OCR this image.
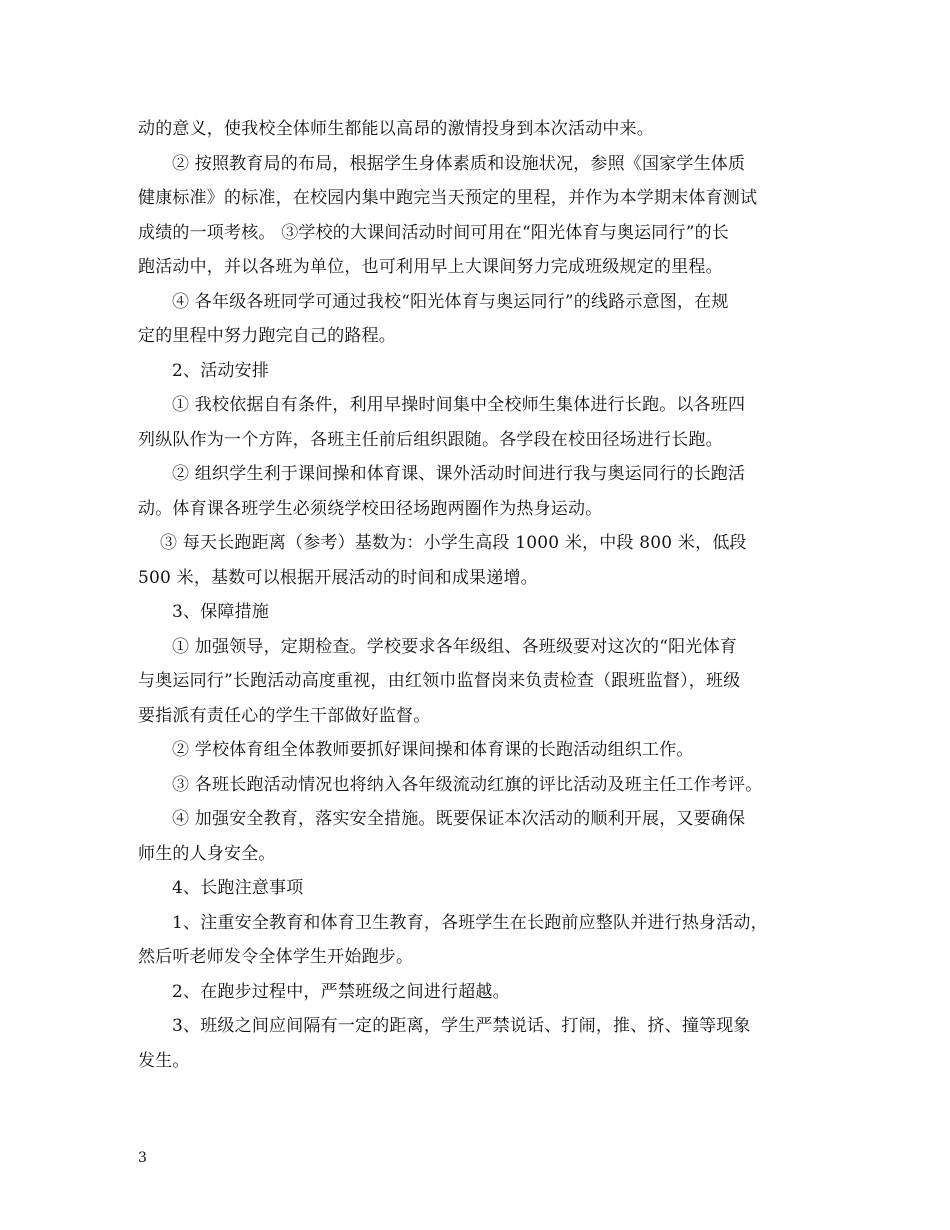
动的意义，使我校全体师生都能以高昂的激情投身到本次活动中来。
② 按照教育局的布局，根据学生身体素质和设施状况，参照《国家学生体质
健康标准》的标准，在校园内集中跑完当天预定的里程，并作为本学期末体育测试
成绩的一项考核。 ③学校的大课间活动时间可用在“阳光体育与奥运同行”的长
跑活动中，并以各班为单位，也可利用早上大课间努力完成班级规定的里程。
④ 各年级各班同学可通过我校“阳光体育与奥运同行”的线路示意图，在规
定的里程中努力跑完自己的路程。
2、活动安排
① 我校依据自有条件，利用早操时间集中全校师生集体进行长跑。以各班四
列纵队作为一个方阵，各班主任前后组织跟随。各学段在校田径场进行长跑。
② 组织学生利于课间操和体育课、课外活动时间进行我与奥运同行的长跑活
动。体育课各班学生必须绕学校田径场跑两圈作为热身运动。
③ 每天长跑距离（参考）基数为：小学生高段 1000 米，中段 800 米，低段
500 米，基数可以根据开展活动的时间和成果递增。
3、保障措施
① 加强领导，定期检查。学校要求各年级组、各班级要对这次的“阳光体育
与奥运同行”长跑活动高度重视，由红领巾监督岗来负责检查（跟班监督），班级
要指派有责任心的学生干部做好监督。
② 学校体育组全体教师要抓好课间操和体育课的长跑活动组织工作。
③ 各班长跑活动情况也将纳入各年级流动红旗的评比活动及班主任工作考评。
④ 加强安全教育，落实安全措施。既要保证本次活动的顺利开展，又要确保
师生的人身安全。
4、长跑注意事项
1、注重安全教育和体育卫生教育，各班学生在长跑前应整队并进行热身活动，
然后听老师发令全体学生开始跑步。
2、在跑步过程中，严禁班级之间进行超越。
3、班级之间应间隔有一定的距离，学生严禁说话、打闹，推、挤、撞等现象
发生。
3
